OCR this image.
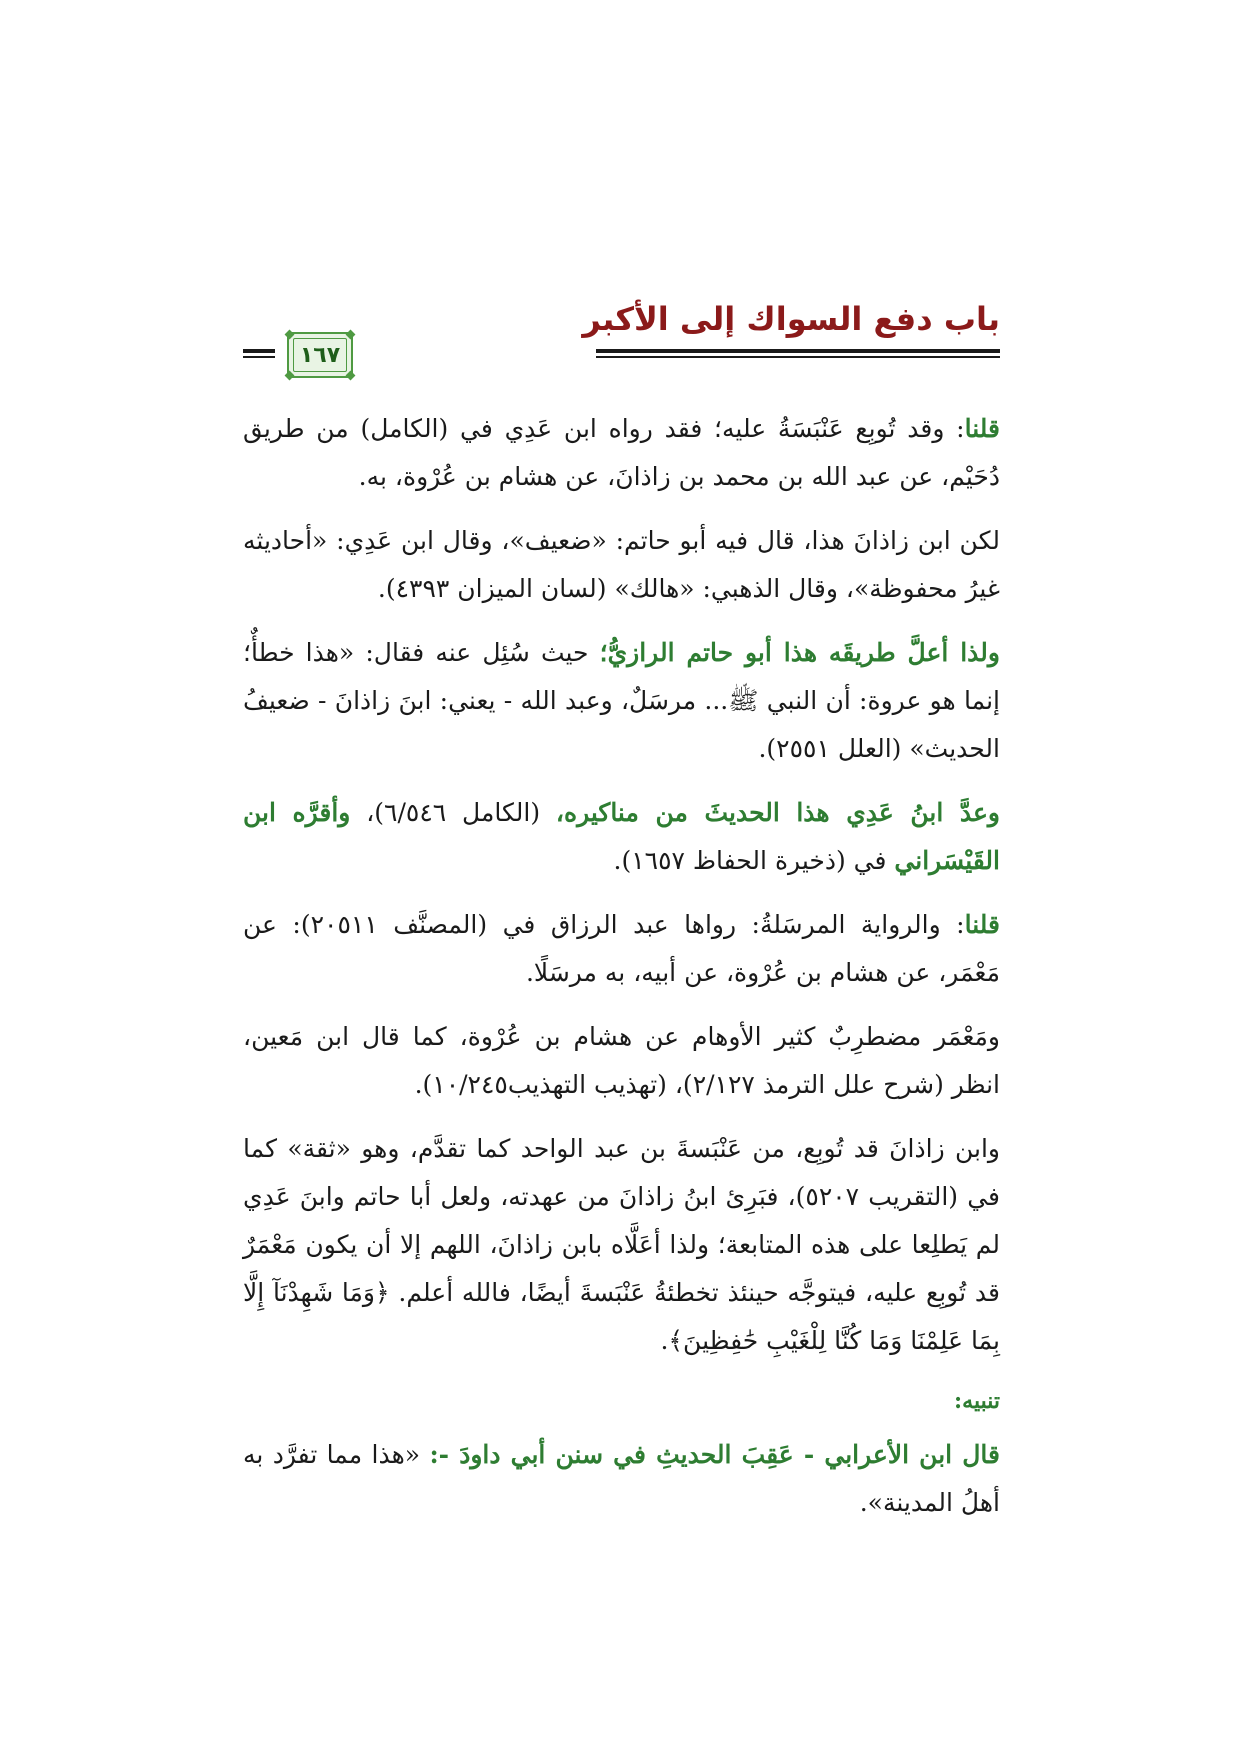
باب دفع السواك إلى الأكبر
١٦٧

قلنا: وقد تُوبِع عَنْبَسَةُ عليه؛ فقد رواه ابن عَدِي في (الكامل) من طريق دُحَيْم، عن عبد الله بن محمد بن زاذانَ، عن هشام بن عُرْوة، به.

لكن ابن زاذانَ هذا، قال فيه أبو حاتم: «ضعيف»، وقال ابن عَدِي: «أحاديثه غيرُ محفوظة»، وقال الذهبي: «هالك» (لسان الميزان ٤٣٩٣).

ولذا أعلَّ طريقَه هذا أبو حاتم الرازيُّ؛ حيث سُئِل عنه فقال: «هذا خطأٌ؛ إنما هو عروة: أن النبي ﷺ... مرسَلٌ، وعبد الله - يعني: ابنَ زاذانَ - ضعيفُ الحديث» (العلل ٢٥٥١).

وعدَّ ابنُ عَدِي هذا الحديثَ من مناكيره، (الكامل ٦/٥٤٦)، وأقرَّه ابن القَيْسَراني في (ذخيرة الحفاظ ١٦٥٧).

قلنا: والرواية المرسَلةُ: رواها عبد الرزاق في (المصنَّف ٢٠٥١١): عن مَعْمَر، عن هشام بن عُرْوة، عن أبيه، به مرسَلًا.

ومَعْمَر مضطرِبٌ كثير الأوهام عن هشام بن عُرْوة، كما قال ابن مَعين، انظر (شرح علل الترمذ ٢/١٢٧)، (تهذيب التهذيب١٠/٢٤٥).

وابن زاذانَ قد تُوبِع، من عَنْبَسةَ بن عبد الواحد كما تقدَّم، وهو «ثقة» كما في (التقريب ٥٢٠٧)، فبَرِئ ابنُ زاذانَ من عهدته، ولعل أبا حاتم وابنَ عَدِي لم يَطلِعا على هذه المتابعة؛ ولذا أعَلَّاه بابن زاذانَ، اللهم إلا أن يكون مَعْمَرٌ قد تُوبِع عليه، فيتوجَّه حينئذ تخطئةُ عَنْبَسةَ أيضًا، فالله أعلم. ﴿وَمَا شَهِدْنَآ إِلَّا بِمَا عَلِمْنَا وَمَا كُنَّا لِلْغَيْبِ حَٰفِظِينَ﴾.

تنبيه:

قال ابن الأعرابي - عَقِبَ الحديثِ في سنن أبي داودَ -: «هذا مما تفرَّد به أهلُ المدينة».
